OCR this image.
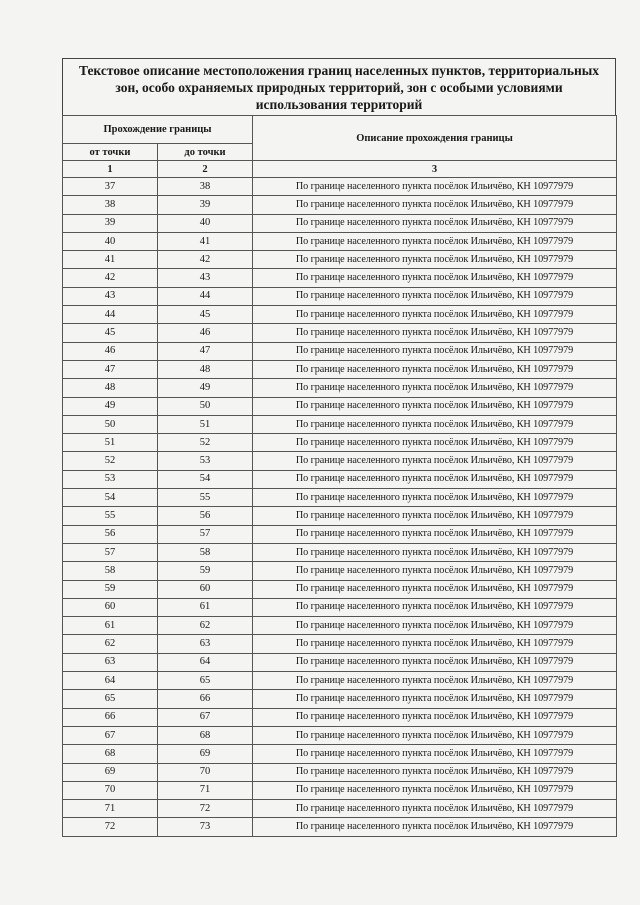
Текстовое описание местоположения границ населенных пунктов, территориальных зон, особо охраняемых природных территорий, зон с особыми условиями использования территорий
Прохождение границы		Описание прохождения границы
от точки	до точки	
1	2	3
37	38	По границе населенного пункта посёлок Ильичёво, КН 10977979
38	39	По границе населенного пункта посёлок Ильичёво, КН 10977979
39	40	По границе населенного пункта посёлок Ильичёво, КН 10977979
40	41	По границе населенного пункта посёлок Ильичёво, КН 10977979
41	42	По границе населенного пункта посёлок Ильичёво, КН 10977979
42	43	По границе населенного пункта посёлок Ильичёво, КН 10977979
43	44	По границе населенного пункта посёлок Ильичёво, КН 10977979
44	45	По границе населенного пункта посёлок Ильичёво, КН 10977979
45	46	По границе населенного пункта посёлок Ильичёво, КН 10977979
46	47	По границе населенного пункта посёлок Ильичёво, КН 10977979
47	48	По границе населенного пункта посёлок Ильичёво, КН 10977979
48	49	По границе населенного пункта посёлок Ильичёво, КН 10977979
49	50	По границе населенного пункта посёлок Ильичёво, КН 10977979
50	51	По границе населенного пункта посёлок Ильичёво, КН 10977979
51	52	По границе населенного пункта посёлок Ильичёво, КН 10977979
52	53	По границе населенного пункта посёлок Ильичёво, КН 10977979
53	54	По границе населенного пункта посёлок Ильичёво, КН 10977979
54	55	По границе населенного пункта посёлок Ильичёво, КН 10977979
55	56	По границе населенного пункта посёлок Ильичёво, КН 10977979
56	57	По границе населенного пункта посёлок Ильичёво, КН 10977979
57	58	По границе населенного пункта посёлок Ильичёво, КН 10977979
58	59	По границе населенного пункта посёлок Ильичёво, КН 10977979
59	60	По границе населенного пункта посёлок Ильичёво, КН 10977979
60	61	По границе населенного пункта посёлок Ильичёво, КН 10977979
61	62	По границе населенного пункта посёлок Ильичёво, КН 10977979
62	63	По границе населенного пункта посёлок Ильичёво, КН 10977979
63	64	По границе населенного пункта посёлок Ильичёво, КН 10977979
64	65	По границе населенного пункта посёлок Ильичёво, КН 10977979
65	66	По границе населенного пункта посёлок Ильичёво, КН 10977979
66	67	По границе населенного пункта посёлок Ильичёво, КН 10977979
67	68	По границе населенного пункта посёлок Ильичёво, КН 10977979
68	69	По границе населенного пункта посёлок Ильичёво, КН 10977979
69	70	По границе населенного пункта посёлок Ильичёво, КН 10977979
70	71	По границе населенного пункта посёлок Ильичёво, КН 10977979
71	72	По границе населенного пункта посёлок Ильичёво, КН 10977979
72	73	По границе населенного пункта посёлок Ильичёво, КН 10977979
